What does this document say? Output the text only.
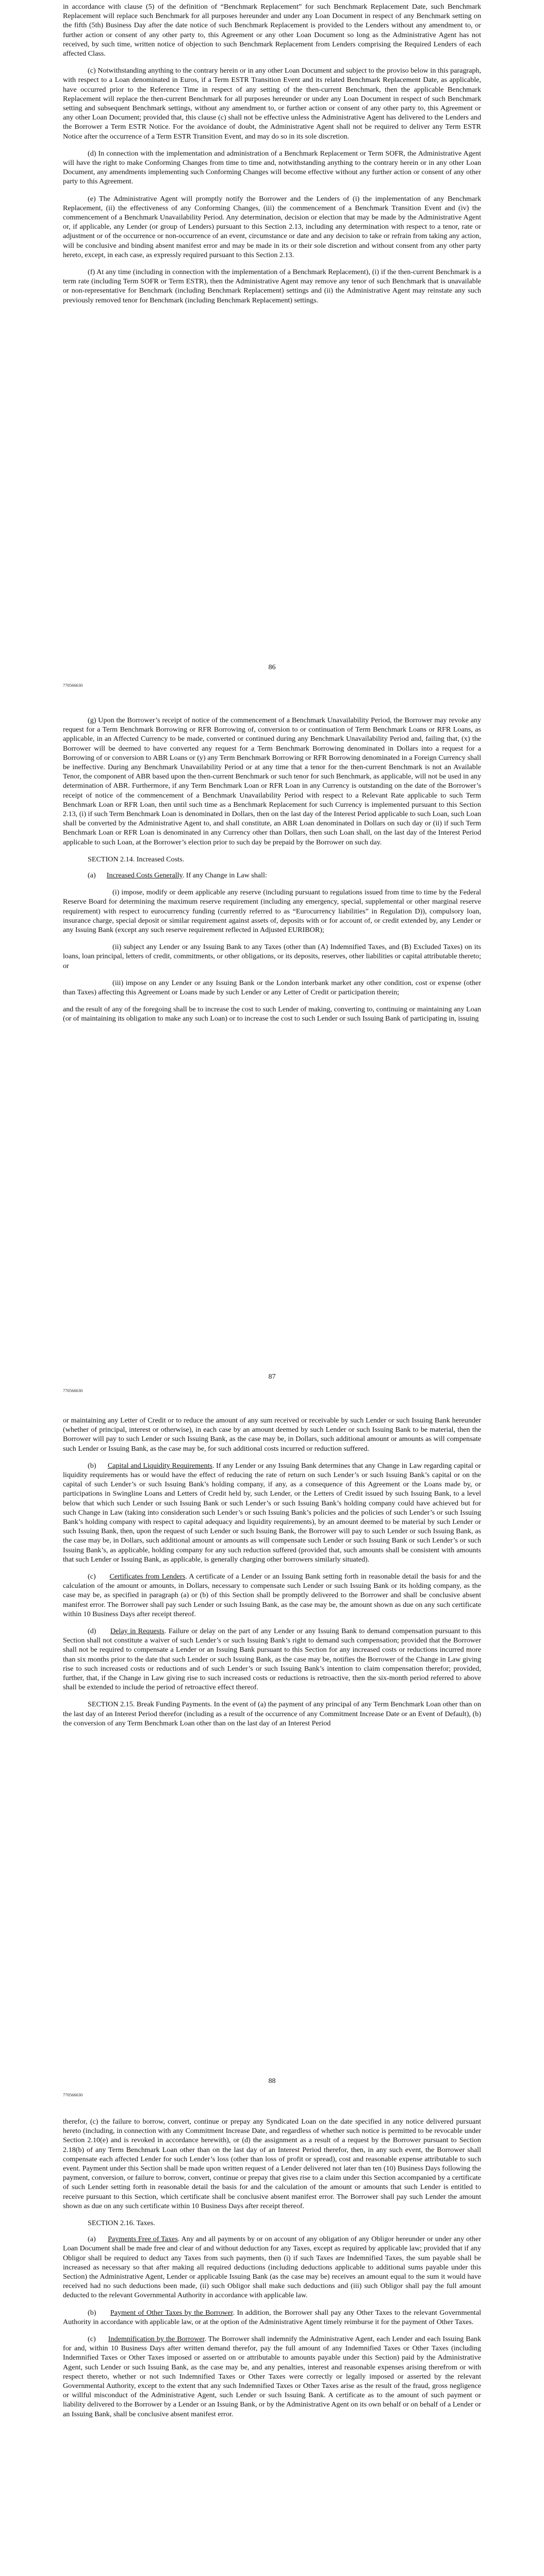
in accordance with clause (5) of the definition of “Benchmark Replacement” for such Benchmark Replacement Date, such Benchmark Replacement will replace such Benchmark for all purposes hereunder and under any Loan Document in respect of any Benchmark setting on the fifth (5th) Business Day after the date notice of such Benchmark Replacement is provided to the Lenders without any amendment to, or further action or consent of any other party to, this Agreement or any other Loan Document so long as the Administrative Agent has not received, by such time, written notice of objection to such Benchmark Replacement from Lenders comprising the Required Lenders of each affected Class.

(c) Notwithstanding anything to the contrary herein or in any other Loan Document and subject to the proviso below in this paragraph, with respect to a Loan denominated in Euros, if a Term ESTR Transition Event and its related Benchmark Replacement Date, as applicable, have occurred prior to the Reference Time in respect of any setting of the then-current Benchmark, then the applicable Benchmark Replacement will replace the then-current Benchmark for all purposes hereunder or under any Loan Document in respect of such Benchmark setting and subsequent Benchmark settings, without any amendment to, or further action or consent of any other party to, this Agreement or any other Loan Document; provided that, this clause (c) shall not be effective unless the Administrative Agent has delivered to the Lenders and the Borrower a Term ESTR Notice. For the avoidance of doubt, the Administrative Agent shall not be required to deliver any Term ESTR Notice after the occurrence of a Term ESTR Transition Event, and may do so in its sole discretion.

(d) In connection with the implementation and administration of a Benchmark Replacement or Term SOFR, the Administrative Agent will have the right to make Conforming Changes from time to time and, notwithstanding anything to the contrary herein or in any other Loan Document, any amendments implementing such Conforming Changes will become effective without any further action or consent of any other party to this Agreement.

(e) The Administrative Agent will promptly notify the Borrower and the Lenders of (i) the implementation of any Benchmark Replacement, (ii) the effectiveness of any Conforming Changes, (iii) the commencement of a Benchmark Transition Event and (iv) the commencement of a Benchmark Unavailability Period. Any determination, decision or election that may be made by the Administrative Agent or, if applicable, any Lender (or group of Lenders) pursuant to this Section 2.13, including any determination with respect to a tenor, rate or adjustment or of the occurrence or non-occurrence of an event, circumstance or date and any decision to take or refrain from taking any action, will be conclusive and binding absent manifest error and may be made in its or their sole discretion and without consent from any other party hereto, except, in each case, as expressly required pursuant to this Section 2.13.

(f) At any time (including in connection with the implementation of a Benchmark Replacement), (i) if the then-current Benchmark is a term rate (including Term SOFR or Term ESTR), then the Administrative Agent may remove any tenor of such Benchmark that is unavailable or non-representative for Benchmark (including Benchmark Replacement) settings and (ii) the Administrative Agent may reinstate any such previously removed tenor for Benchmark (including Benchmark Replacement) settings.

86
770566630

(g) Upon the Borrower’s receipt of notice of the commencement of a Benchmark Unavailability Period, the Borrower may revoke any request for a Term Benchmark Borrowing or RFR Borrowing of, conversion to or continuation of Term Benchmark Loans or RFR Loans, as applicable, in an Affected Currency to be made, converted or continued during any Benchmark Unavailability Period and, failing that, (x) the Borrower will be deemed to have converted any request for a Term Benchmark Borrowing denominated in Dollars into a request for a Borrowing of or conversion to ABR Loans or (y) any Term Benchmark Borrowing or RFR Borrowing denominated in a Foreign Currency shall be ineffective. During any Benchmark Unavailability Period or at any time that a tenor for the then-current Benchmark is not an Available Tenor, the component of ABR based upon the then-current Benchmark or such tenor for such Benchmark, as applicable, will not be used in any determination of ABR. Furthermore, if any Term Benchmark Loan or RFR Loan in any Currency is outstanding on the date of the Borrower’s receipt of notice of the commencement of a Benchmark Unavailability Period with respect to a Relevant Rate applicable to such Term Benchmark Loan or RFR Loan, then until such time as a Benchmark Replacement for such Currency is implemented pursuant to this Section 2.13, (i) if such Term Benchmark Loan is denominated in Dollars, then on the last day of the Interest Period applicable to such Loan, such Loan shall be converted by the Administrative Agent to, and shall constitute, an ABR Loan denominated in Dollars on such day or (ii) if such Term Benchmark Loan or RFR Loan is denominated in any Currency other than Dollars, then such Loan shall, on the last day of the Interest Period applicable to such Loan, at the Borrower’s election prior to such day be prepaid by the Borrower on such day.

SECTION 2.14. Increased Costs.

(a) Increased Costs Generally. If any Change in Law shall:

(i) impose, modify or deem applicable any reserve (including pursuant to regulations issued from time to time by the Federal Reserve Board for determining the maximum reserve requirement (including any emergency, special, supplemental or other marginal reserve requirement) with respect to eurocurrency funding (currently referred to as “Eurocurrency liabilities” in Regulation D)), compulsory loan, insurance charge, special deposit or similar requirement against assets of, deposits with or for account of, or credit extended by, any Lender or any Issuing Bank (except any such reserve requirement reflected in Adjusted EURIBOR);

(ii) subject any Lender or any Issuing Bank to any Taxes (other than (A) Indemnified Taxes, and (B) Excluded Taxes) on its loans, loan principal, letters of credit, commitments, or other obligations, or its deposits, reserves, other liabilities or capital attributable thereto; or

(iii) impose on any Lender or any Issuing Bank or the London interbank market any other condition, cost or expense (other than Taxes) affecting this Agreement or Loans made by such Lender or any Letter of Credit or participation therein;

and the result of any of the foregoing shall be to increase the cost to such Lender of making, converting to, continuing or maintaining any Loan (or of maintaining its obligation to make any such Loan) or to increase the cost to such Lender or such Issuing Bank of participating in, issuing

87
770566630

or maintaining any Letter of Credit or to reduce the amount of any sum received or receivable by such Lender or such Issuing Bank hereunder (whether of principal, interest or otherwise), in each case by an amount deemed by such Lender or such Issuing Bank to be material, then the Borrower will pay to such Lender or such Issuing Bank, as the case may be, in Dollars, such additional amount or amounts as will compensate such Lender or Issuing Bank, as the case may be, for such additional costs incurred or reduction suffered.

(b) Capital and Liquidity Requirements. If any Lender or any Issuing Bank determines that any Change in Law regarding capital or liquidity requirements has or would have the effect of reducing the rate of return on such Lender’s or such Issuing Bank’s capital or on the capital of such Lender’s or such Issuing Bank’s holding company, if any, as a consequence of this Agreement or the Loans made by, or participations in Swingline Loans and Letters of Credit held by, such Lender, or the Letters of Credit issued by such Issuing Bank, to a level below that which such Lender or such Issuing Bank or such Lender’s or such Issuing Bank’s holding company could have achieved but for such Change in Law (taking into consideration such Lender’s or such Issuing Bank’s policies and the policies of such Lender’s or such Issuing Bank’s holding company with respect to capital adequacy and liquidity requirements), by an amount deemed to be material by such Lender or such Issuing Bank, then, upon the request of such Lender or such Issuing Bank, the Borrower will pay to such Lender or such Issuing Bank, as the case may be, in Dollars, such additional amount or amounts as will compensate such Lender or such Issuing Bank or such Lender’s or such Issuing Bank’s, as applicable, holding company for any such reduction suffered (provided that, such amounts shall be consistent with amounts that such Lender or Issuing Bank, as applicable, is generally charging other borrowers similarly situated).

(c) Certificates from Lenders. A certificate of a Lender or an Issuing Bank setting forth in reasonable detail the basis for and the calculation of the amount or amounts, in Dollars, necessary to compensate such Lender or such Issuing Bank or its holding company, as the case may be, as specified in paragraph (a) or (b) of this Section shall be promptly delivered to the Borrower and shall be conclusive absent manifest error. The Borrower shall pay such Lender or such Issuing Bank, as the case may be, the amount shown as due on any such certificate within 10 Business Days after receipt thereof.

(d) Delay in Requests. Failure or delay on the part of any Lender or any Issuing Bank to demand compensation pursuant to this Section shall not constitute a waiver of such Lender’s or such Issuing Bank’s right to demand such compensation; provided that the Borrower shall not be required to compensate a Lender or an Issuing Bank pursuant to this Section for any increased costs or reductions incurred more than six months prior to the date that such Lender or such Issuing Bank, as the case may be, notifies the Borrower of the Change in Law giving rise to such increased costs or reductions and of such Lender’s or such Issuing Bank’s intention to claim compensation therefor; provided, further, that, if the Change in Law giving rise to such increased costs or reductions is retroactive, then the six-month period referred to above shall be extended to include the period of retroactive effect thereof.

SECTION 2.15. Break Funding Payments. In the event of (a) the payment of any principal of any Term Benchmark Loan other than on the last day of an Interest Period therefor (including as a result of the occurrence of any Commitment Increase Date or an Event of Default), (b) the conversion of any Term Benchmark Loan other than on the last day of an Interest Period

88
770566630

therefor, (c) the failure to borrow, convert, continue or prepay any Syndicated Loan on the date specified in any notice delivered pursuant hereto (including, in connection with any Commitment Increase Date, and regardless of whether such notice is permitted to be revocable under Section 2.10(e) and is revoked in accordance herewith), or (d) the assignment as a result of a request by the Borrower pursuant to Section 2.18(b) of any Term Benchmark Loan other than on the last day of an Interest Period therefor, then, in any such event, the Borrower shall compensate each affected Lender for such Lender’s loss (other than loss of profit or spread), cost and reasonable expense attributable to such event. Payment under this Section shall be made upon written request of a Lender delivered not later than ten (10) Business Days following the payment, conversion, or failure to borrow, convert, continue or prepay that gives rise to a claim under this Section accompanied by a certificate of such Lender setting forth in reasonable detail the basis for and the calculation of the amount or amounts that such Lender is entitled to receive pursuant to this Section, which certificate shall be conclusive absent manifest error. The Borrower shall pay such Lender the amount shown as due on any such certificate within 10 Business Days after receipt thereof.

SECTION 2.16. Taxes.

(a) Payments Free of Taxes. Any and all payments by or on account of any obligation of any Obligor hereunder or under any other Loan Document shall be made free and clear of and without deduction for any Taxes, except as required by applicable law; provided that if any Obligor shall be required to deduct any Taxes from such payments, then (i) if such Taxes are Indemnified Taxes, the sum payable shall be increased as necessary so that after making all required deductions (including deductions applicable to additional sums payable under this Section) the Administrative Agent, Lender or applicable Issuing Bank (as the case may be) receives an amount equal to the sum it would have received had no such deductions been made, (ii) such Obligor shall make such deductions and (iii) such Obligor shall pay the full amount deducted to the relevant Governmental Authority in accordance with applicable law.

(b) Payment of Other Taxes by the Borrower. In addition, the Borrower shall pay any Other Taxes to the relevant Governmental Authority in accordance with applicable law, or at the option of the Administrative Agent timely reimburse it for the payment of Other Taxes.

(c) Indemnification by the Borrower. The Borrower shall indemnify the Administrative Agent, each Lender and each Issuing Bank for and, within 10 Business Days after written demand therefor, pay the full amount of any Indemnified Taxes or Other Taxes (including Indemnified Taxes or Other Taxes imposed or asserted on or attributable to amounts payable under this Section) paid by the Administrative Agent, such Lender or such Issuing Bank, as the case may be, and any penalties, interest and reasonable expenses arising therefrom or with respect thereto, whether or not such Indemnified Taxes or Other Taxes were correctly or legally imposed or asserted by the relevant Governmental Authority, except to the extent that any such Indemnified Taxes or Other Taxes arise as the result of the fraud, gross negligence or willful misconduct of the Administrative Agent, such Lender or such Issuing Bank. A certificate as to the amount of such payment or liability delivered to the Borrower by a Lender or an Issuing Bank, or by the Administrative Agent on its own behalf or on behalf of a Lender or an Issuing Bank, shall be conclusive absent manifest error.
